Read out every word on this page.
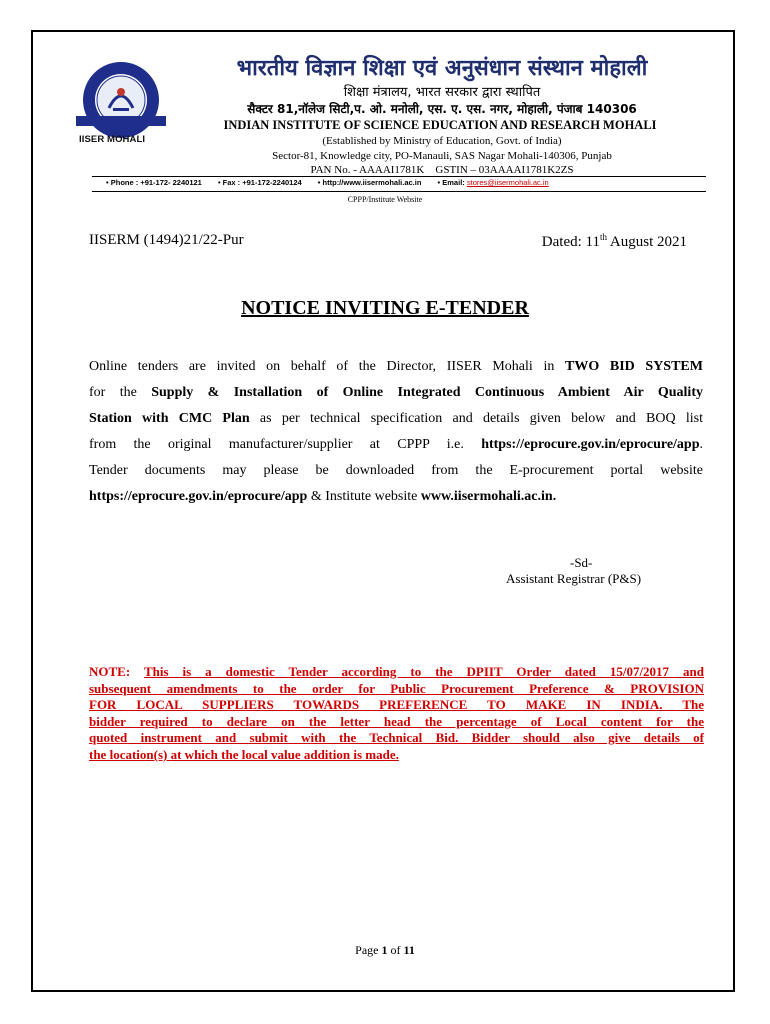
IISER MOHALI
भारतीय विज्ञान शिक्षा एवं अनुसंधान संस्थान मोहाली
शिक्षा मंत्रालय, भारत सरकार द्वारा स्थापित
सैक्टर 81,नॉलेज सिटी,प. ओ. मनोली, एस. ए. एस. नगर, मोहाली, पंजाब 140306
INDIAN INSTITUTE OF SCIENCE EDUCATION AND RESEARCH MOHALI
(Established by Ministry of Education, Govt. of India)
Sector-81, Knowledge city, PO-Manauli, SAS Nagar Mohali-140306, Punjab
PAN No. - AAAAI1781K    GSTIN – 03AAAAI1781K2ZS
• Phone : +91-172- 2240121 • Fax : +91-172-2240124 • http://www.iisermohali.ac.in • Email: stores@iisermohali.ac.in
CPPP/Institute Website
IISERM (1494)21/22-Pur	Dated: 11th August 2021
NOTICE INVITING E-TENDER
Online tenders are invited on behalf of the Director, IISER Mohali in TWO BID SYSTEM
for the Supply & Installation of Online Integrated Continuous Ambient Air Quality
Station with CMC Plan as per technical specification and details given below and BOQ list
from the original manufacturer/supplier at CPPP i.e. https://eprocure.gov.in/eprocure/app.
Tender documents may please be downloaded from the E-procurement portal website
https://eprocure.gov.in/eprocure/app & Institute website www.iisermohali.ac.in.
-Sd-
Assistant Registrar (P&S)
NOTE: This is a domestic Tender according to the DPIIT Order dated 15/07/2017 and
subsequent amendments to the order for Public Procurement Preference & PROVISION
FOR LOCAL SUPPLIERS TOWARDS PREFERENCE TO MAKE IN INDIA. The
bidder required to declare on the letter head the percentage of Local content for the
quoted instrument and submit with the Technical Bid. Bidder should also give details of
the location(s) at which the local value addition is made.
Page 1 of 11
